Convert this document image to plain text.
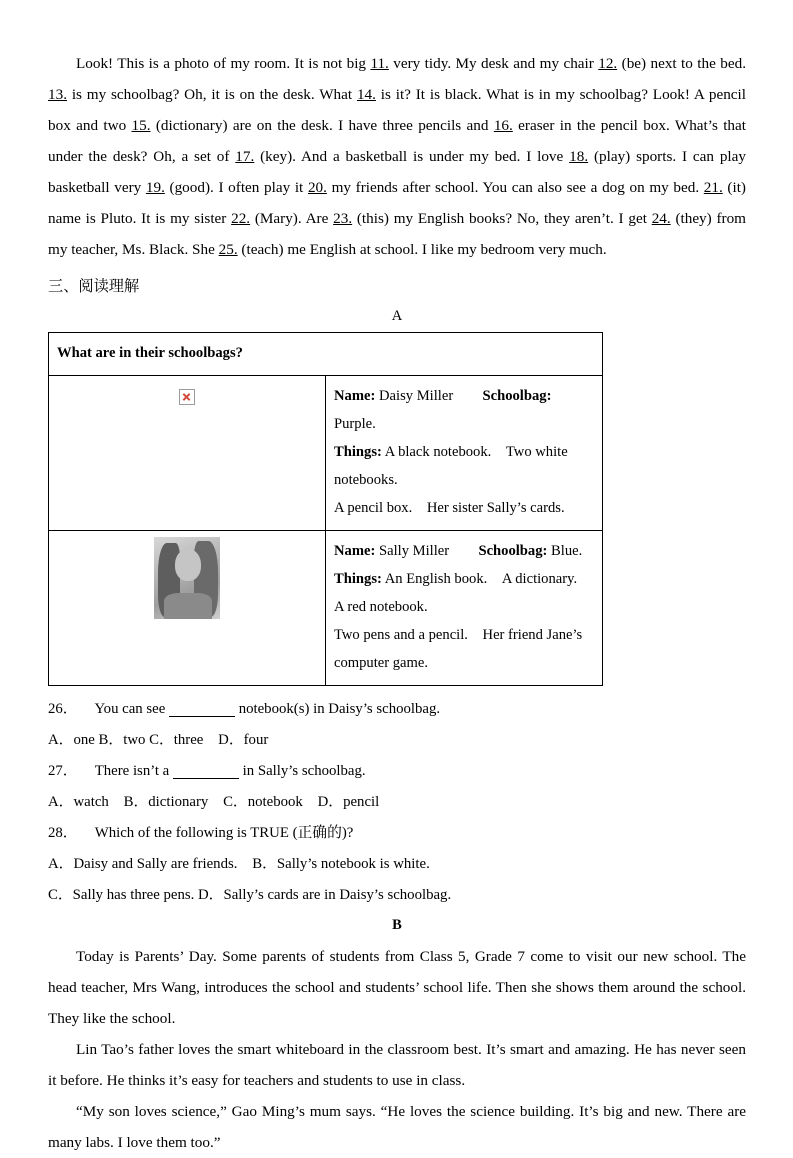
Look! This is a photo of my room. It is not big 11. very tidy. My desk and my chair 12. (be) next to the bed. 13. is my schoolbag? Oh, it is on the desk. What 14. is it? It is black. What is in my schoolbag? Look! A pencil box and two 15. (dictionary) are on the desk. I have three pencils and 16. eraser in the pencil box. What’s that under the desk? Oh, a set of 17. (key). And a basketball is under my bed. I love 18. (play) sports. I can play basketball very 19. (good). I often play it 20. my friends after school. You can also see a dog on my bed. 21. (it) name is Pluto. It is my sister 22. (Mary). Are 23. (this) my English books? No, they aren’t. I get 24. (they) from my teacher, Ms. Black. She 25. (teach) me English at school. I like my bedroom very much.

三、阅读理解

A

What are in their schoolbags?	

	Name: Daisy Miller Schoolbag: Purple.
Things: A black notebook. Two white notebooks.
A pencil box. Her sister Sally’s cards.

	Name: Sally Miller Schoolbag: Blue.
Things: An English book. A dictionary. A red notebook.
Two pens and a pencil. Her friend Jane’s computer game.

26． You can see	notebook(s) in Daisy’s schoolbag.

A．one B．two C．three D．four

27． There isn’t a	in Sally’s schoolbag.

A．watch B．dictionary C．notebook D．pencil

28． Which of the following is TRUE (正确的)?

A．Daisy and Sally are friends. B．Sally’s notebook is white.

C．Sally has three pens. D．Sally’s cards are in Daisy’s schoolbag.

B

Today is Parents’ Day. Some parents of students from Class 5, Grade 7 come to visit our new school. The head teacher, Mrs Wang, introduces the school and students’ school life. Then she shows them around the school. They like the school.

Lin Tao’s father loves the smart whiteboard in the classroom best. It’s smart and amazing. He has never seen it before. He thinks it’s easy for teachers and students to use in class.

“My son loves science,” Gao Ming’s mum says. “He loves the science building. It’s big and new. There are many labs. I love them too.”
